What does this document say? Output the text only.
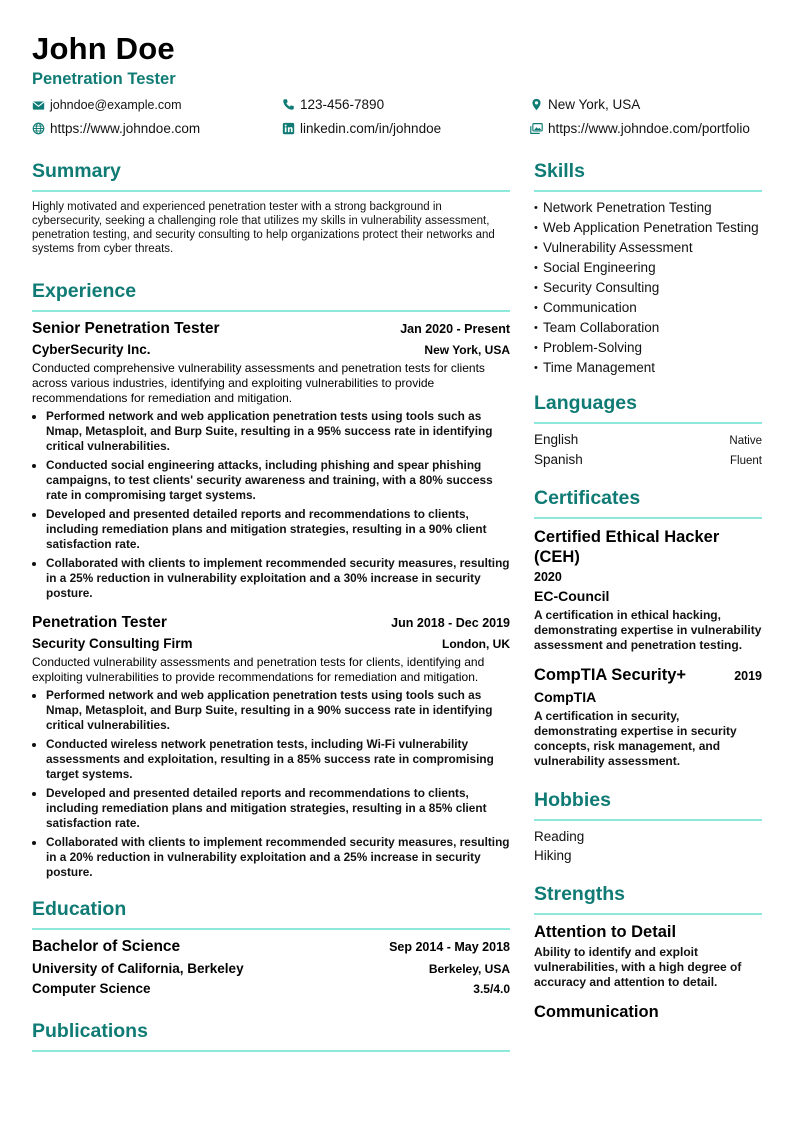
John Doe
Penetration Tester
johndoe@example.com	123-456-7890	New York, USA
https://www.johndoe.com	linkedin.com/in/johndoe	https://www.johndoe.com/portfolio
Summary

Highly motivated and experienced penetration tester with a strong background in cybersecurity, seeking a challenging role that utilizes my skills in vulnerability assessment, penetration testing, and security consulting to help organizations protect their networks and systems from cyber threats.

Experience
Senior Penetration Tester	Jan 2020 - Present
CyberSecurity Inc.	New York, USA
Conducted comprehensive vulnerability assessments and penetration tests for clients across various industries, identifying and exploiting vulnerabilities to provide recommendations for remediation and mitigation.
• Performed network and web application penetration tests using tools such as Nmap, Metasploit, and Burp Suite, resulting in a 95% success rate in identifying critical vulnerabilities.
• Conducted social engineering attacks, including phishing and spear phishing campaigns, to test clients' security awareness and training, with a 80% success rate in compromising target systems.
• Developed and presented detailed reports and recommendations to clients, including remediation plans and mitigation strategies, resulting in a 90% client satisfaction rate.
• Collaborated with clients to implement recommended security measures, resulting in a 25% reduction in vulnerability exploitation and a 30% increase in security posture.
Penetration Tester	Jun 2018 - Dec 2019
Security Consulting Firm	London, UK
Conducted vulnerability assessments and penetration tests for clients, identifying and exploiting vulnerabilities to provide recommendations for remediation and mitigation.
• Performed network and web application penetration tests using tools such as Nmap, Metasploit, and Burp Suite, resulting in a 90% success rate in identifying critical vulnerabilities.
• Conducted wireless network penetration tests, including Wi-Fi vulnerability assessments and exploitation, resulting in a 85% success rate in compromising target systems.
• Developed and presented detailed reports and recommendations to clients, including remediation plans and mitigation strategies, resulting in a 85% client satisfaction rate.
• Collaborated with clients to implement recommended security measures, resulting in a 20% reduction in vulnerability exploitation and a 25% increase in security posture.
Education
Bachelor of Science	Sep 2014 - May 2018
University of California, Berkeley	Berkeley, USA
Computer Science	3.5/4.0
Publications
Skills
• Network Penetration Testing
• Web Application Penetration Testing
• Vulnerability Assessment
• Social Engineering
• Security Consulting
• Communication
• Team Collaboration
• Problem-Solving
• Time Management
Languages
English	Native
Spanish	Fluent
Certificates
Certified Ethical Hacker (CEH)
2020
EC-Council
A certification in ethical hacking, demonstrating expertise in vulnerability assessment and penetration testing.
CompTIA Security+	2019
CompTIA
A certification in security, demonstrating expertise in security concepts, risk management, and vulnerability assessment.
Hobbies
Reading
Hiking
Strengths
Attention to Detail
Ability to identify and exploit vulnerabilities, with a high degree of accuracy and attention to detail.
Communication
